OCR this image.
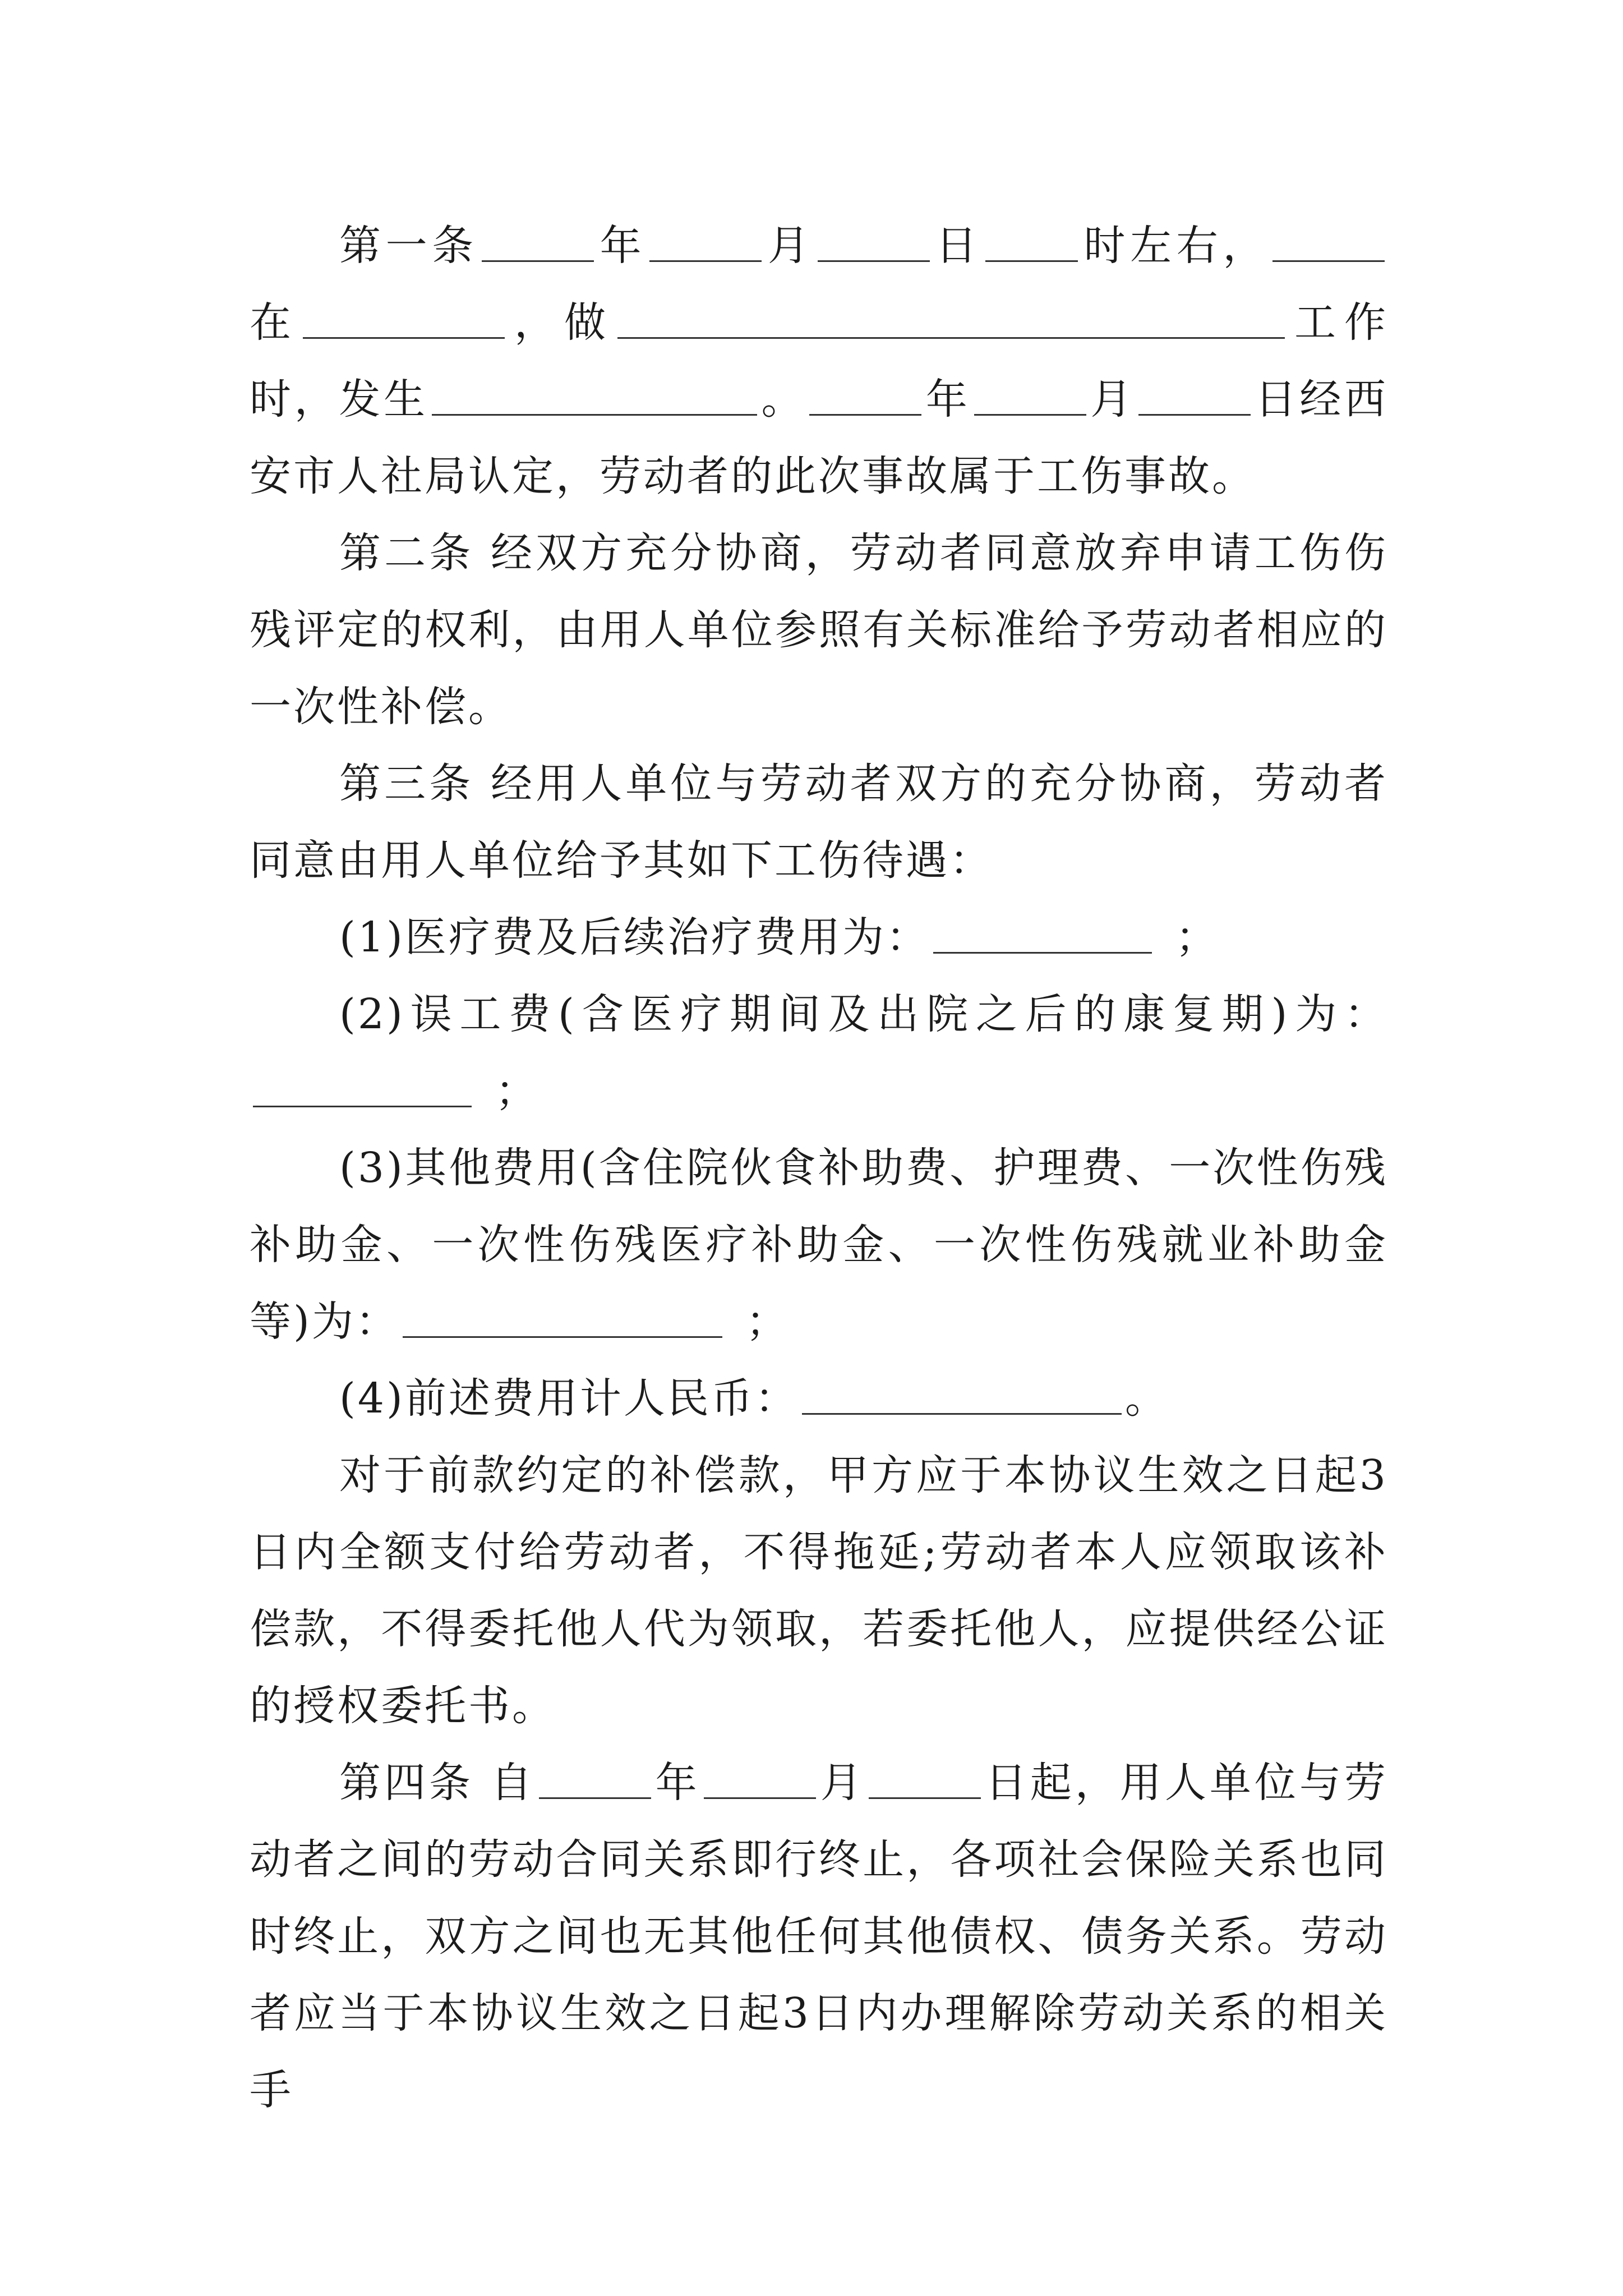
第一条	年	月	日 时左右，在	，做	工作时，发生	。	年	月	日经西安市人社局认定，劳动者的此次事故属于工伤事故。

第二条 经双方充分协商，劳动者同意放弃申请工伤伤残评定的权利，由用人单位参照有关标准给予劳动者相应的一次性补偿。

第三条 经用人单位与劳动者双方的充分协商，劳动者同意由用人单位给予其如下工伤待遇：

(1)医疗费及后续治疗费用为：	；

(2)误工费(含医疗期间及出院之后的康复期)为：；

(3)其他费用(含住院伙食补助费、护理费、一次性伤残补助金、一次性伤残医疗补助金、一次性伤残就业补助金等)为：	；

(4)前述费用计人民币：	。

对于前款约定的补偿款，甲方应于本协议生效之日起3日内全额支付给劳动者，不得拖延;劳动者本人应领取该补偿款，不得委托他人代为领取，若委托他人，应提供经公证的授权委托书。

第四条 自	年	月	日起，用人单位与劳动者之间的劳动合同关系即行终止，各项社会保险关系也同时终止，双方之间也无其他任何其他债权、债务关系。劳动者应当于本协议生效之日起3日内办理解除劳动关系的相关手
